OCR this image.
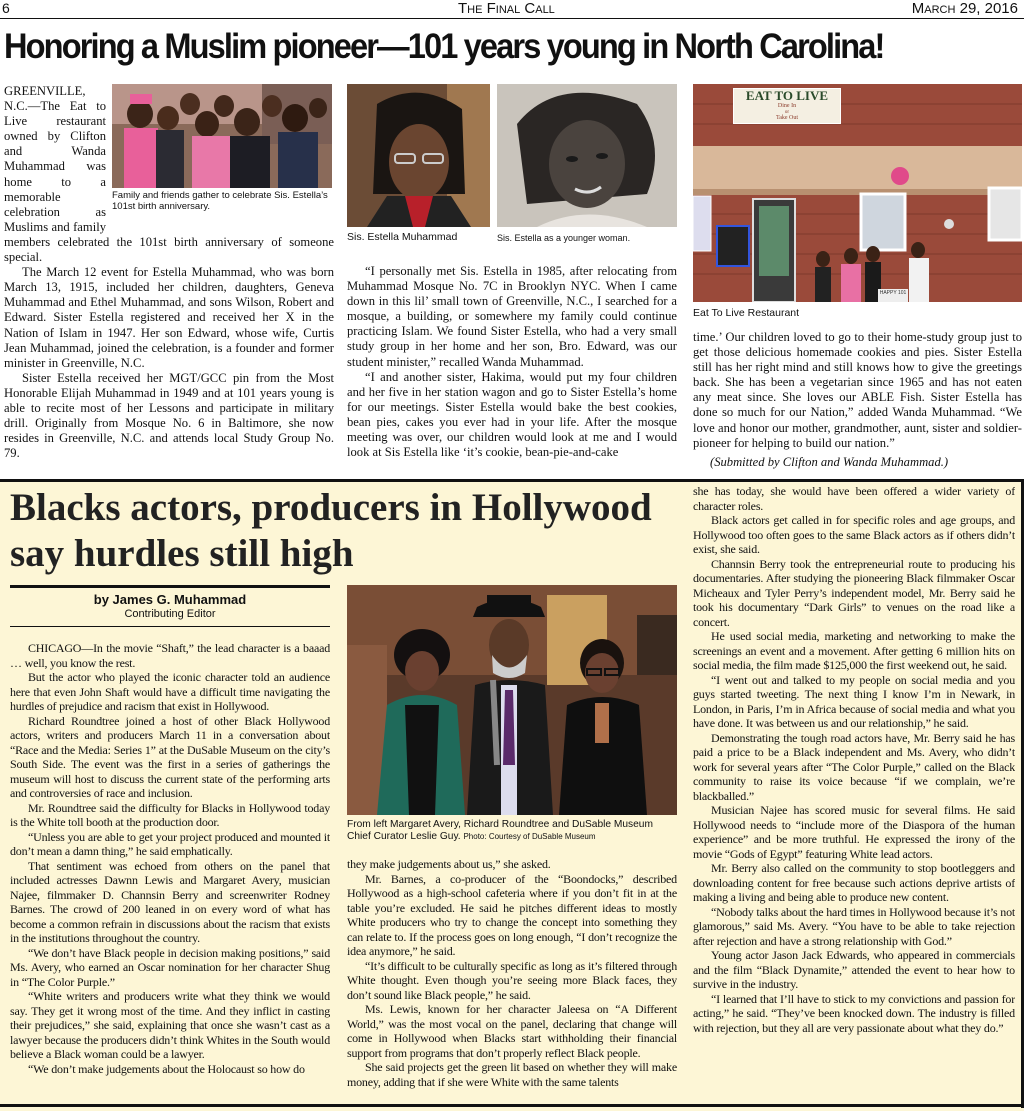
6	The Final Call	March 29, 2016
Honoring a Muslim pioneer—101 years young in North Carolina!
Family and friends gather to celebrate Sis. Estella’s 101st birth anniversary.

GREENVILLE, N.C.—The Eat to Live restaurant owned by Clifton and Wanda Muhammad was home to a memorable celebration as Muslims and family members celebrated the 101st birth anniversary of someone special.

The March 12 event for Estella Muhammad, who was born March 13, 1915, included her children, daughters, Geneva Muhammad and Ethel Muhammad, and sons Wilson, Robert and Edward. Sister Estella registered and received her X in the Nation of Islam in 1947. Her son Edward, whose wife, Curtis Jean Muhammad, joined the celebration, is a founder and former minister in Greenville, N.C.

Sister Estella received her MGT/GCC pin from the Most Honorable Elijah Muhammad in 1949 and at 101 years young is able to recite most of her Lessons and participate in military drill. Originally from Mosque No. 6 in Baltimore, she now resides in Greenville, N.C. and attends local Study Group No. 79.

Sis. Estella Muhammad	Sis. Estella as a younger woman.
EAT TO LIVE
Dine In
or
Take Out
HAPPY 101
Eat To Live Restaurant

“I personally met Sis. Estella in 1985, after relocating from Muhammad Mosque No. 7C in Brooklyn NYC. When I came down in this lil’ small town of Greenville, N.C., I searched for a mosque, a building, or somewhere my family could continue practicing Islam. We found Sister Estella, who had a very small study group in her home and her son, Bro. Edward, was our student minister,” recalled Wanda Muhammad.

“I and another sister, Hakima, would put my four children and her five in her station wagon and go to Sister Estella’s home for our meetings. Sister Estella would bake the best cookies, bean pies, cakes you ever had in your life. After the mosque meeting was over, our children would look at me and I would look at Sis Estella like ‘it’s cookie, bean-pie-and-cake

time.’ Our children loved to go to their home-study group just to get those delicious homemade cookies and pies. Sister Estella still has her right mind and still knows how to give the greetings back. She has been a vegetarian since 1965 and has not eaten any meat since. She loves our ABLE Fish. Sister Estella has done so much for our Nation,” added Wanda Muhammad. “We love and honor our mother, grandmother, aunt, sister and soldier-pioneer for helping to build our nation.”

(Submitted by Clifton and Wanda Muhammad.)
Blacks actors, producers in Hollywood say hurdles still high
by James G. Muhammad
Contributing Editor
From left Margaret Avery, Richard Roundtree and DuSable Museum Chief Curator Leslie Guy. Photo: Courtesy of DuSable Museum

CHICAGO—In the movie “Shaft,” the lead character is a baaad … well, you know the rest.

But the actor who played the iconic character told an audience here that even John Shaft would have a difficult time navigating the hurdles of prejudice and racism that exist in Hollywood.

Richard Roundtree joined a host of other Black Hollywood actors, writers and producers March 11 in a conversation about “Race and the Media: Series 1” at the DuSable Museum on the city’s South Side. The event was the first in a series of gatherings the museum will host to discuss the current state of the performing arts and controversies of race and inclusion.

Mr. Roundtree said the difficulty for Blacks in Hollywood today is the White toll booth at the production door.

“Unless you are able to get your project produced and mounted it don’t mean a damn thing,” he said emphatically.

That sentiment was echoed from others on the panel that included actresses Dawnn Lewis and Margaret Avery, musician Najee, filmmaker D. Channsin Berry and screenwriter Rodney Barnes. The crowd of 200 leaned in on every word of what has become a common refrain in discussions about the racism that exists in the institutions throughout the country.

“We don’t have Black people in decision making positions,” said Ms. Avery, who earned an Oscar nomination for her character Shug in “The Color Purple.”

“White writers and producers write what they think we would say. They get it wrong most of the time. And they inflict in casting their prejudices,” she said, explaining that once she wasn’t cast as a lawyer because the producers didn’t think Whites in the South would believe a Black woman could be a lawyer.

“We don’t make judgements about the Holocaust so how do

they make judgements about us,” she asked.

Mr. Barnes, a co-producer of the “Boondocks,” described Hollywood as a high-school cafeteria where if you don’t fit in at the table you’re excluded. He said he pitches different ideas to mostly White producers who try to change the concept into something they can relate to. If the process goes on long enough, “I don’t recognize the idea anymore,” he said.

“It’s difficult to be culturally specific as long as it’s filtered through White thought. Even though you’re seeing more Black faces, they don’t sound like Black people,” he said.

Ms. Lewis, known for her character Jaleesa on “A Different World,” was the most vocal on the panel, declaring that change will come in Hollywood when Blacks start withholding their financial support from programs that don’t properly reflect Black people.

She said projects get the green lit based on whether they will make money, adding that if she were White with the same talents

she has today, she would have been offered a wider variety of character roles.

Black actors get called in for specific roles and age groups, and Hollywood too often goes to the same Black actors as if others didn’t exist, she said.

Channsin Berry took the entrepreneurial route to producing his documentaries. After studying the pioneering Black filmmaker Oscar Micheaux and Tyler Perry’s independent model, Mr. Berry said he took his documentary “Dark Girls” to venues on the road like a concert.

He used social media, marketing and networking to make the screenings an event and a movement. After getting 6 million hits on social media, the film made $125,000 the first weekend out, he said.

“I went out and talked to my people on social media and you guys started tweeting. The next thing I know I’m in Newark, in London, in Paris, I’m in Africa because of social media and what you have done. It was between us and our relationship,” he said.

Demonstrating the tough road actors have, Mr. Berry said he has paid a price to be a Black independent and Ms. Avery, who didn’t work for several years after “The Color Purple,” called on the Black community to raise its voice because “if we complain, we’re blackballed.”

Musician Najee has scored music for several films. He said Hollywood needs to “include more of the Diaspora of the human experience” and be more truthful. He expressed the irony of the movie “Gods of Egypt” featuring White lead actors.

Mr. Berry also called on the community to stop bootleggers and downloading content for free because such actions deprive artists of making a living and being able to produce new content.

“Nobody talks about the hard times in Hollywood because it’s not glamorous,” said Ms. Avery. “You have to be able to take rejection after rejection and have a strong relationship with God.”

Young actor Jason Jack Edwards, who appeared in commercials and the film “Black Dynamite,” attended the event to hear how to survive in the industry.

“I learned that I’ll have to stick to my convictions and passion for acting,” he said. “They’ve been knocked down. The industry is filled with rejection, but they all are very passionate about what they do.”
